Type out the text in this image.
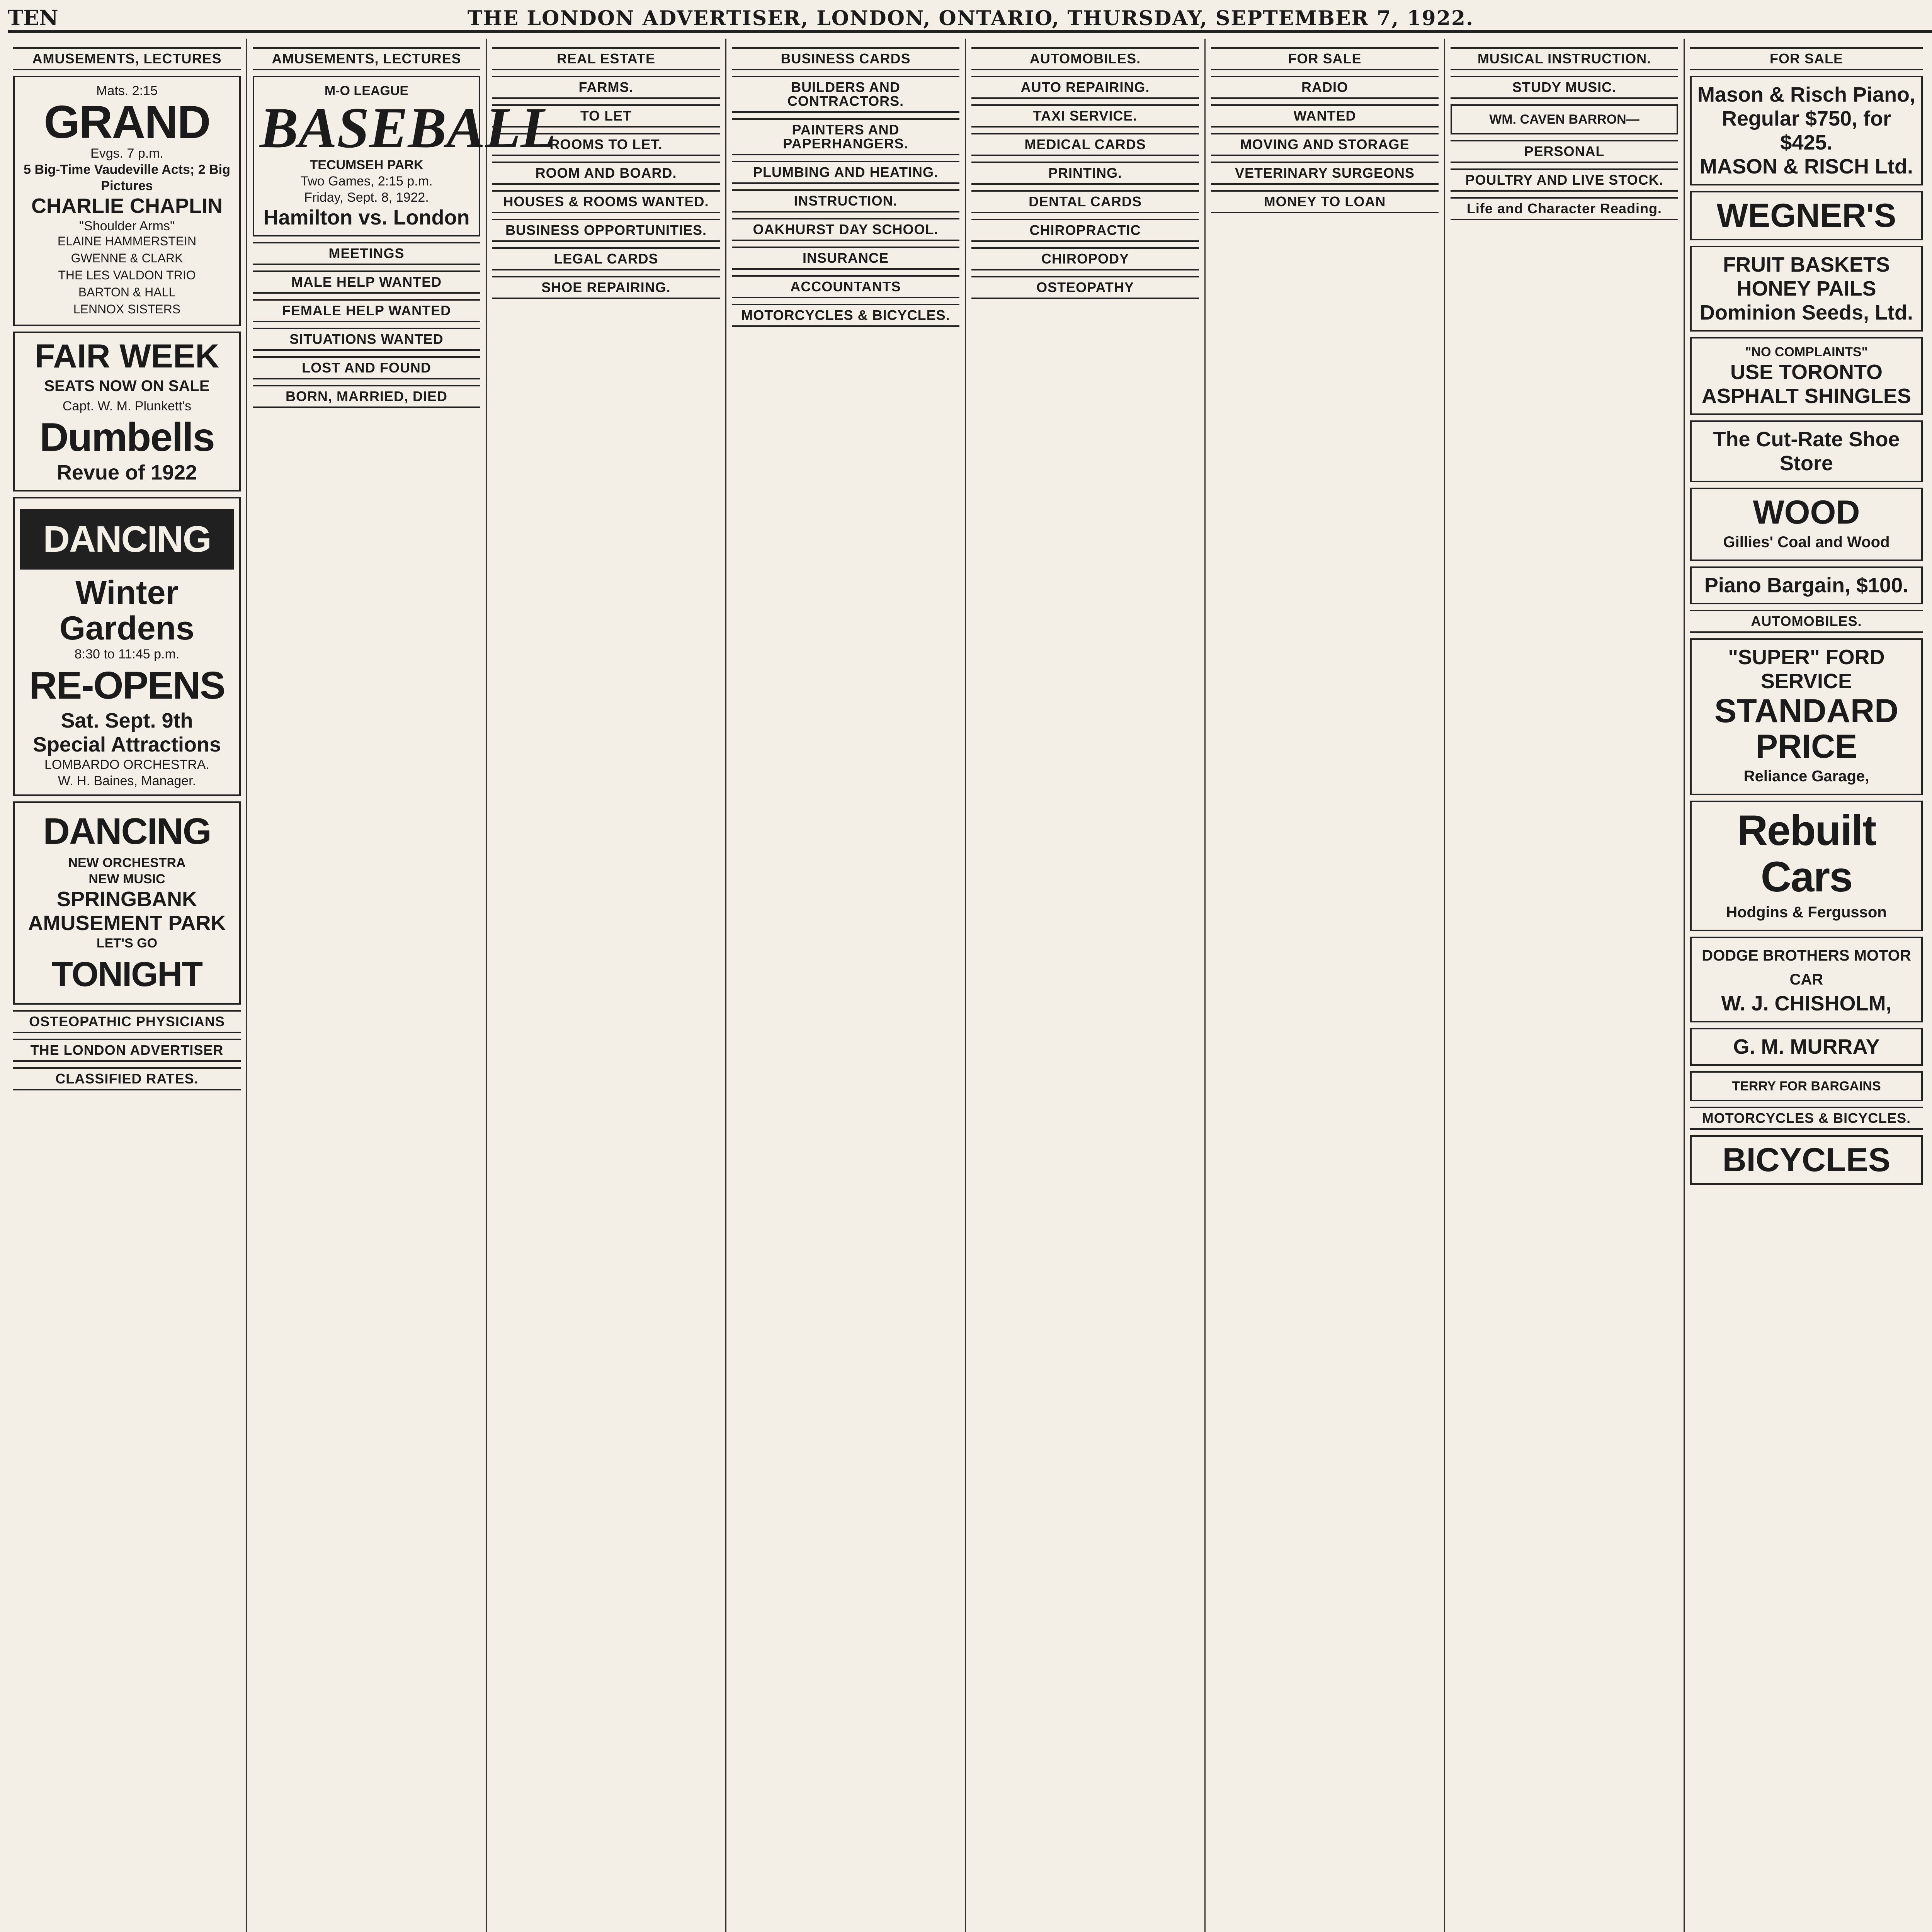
TEN	THE LONDON ADVERTISER, LONDON, ONTARIO, THURSDAY, SEPTEMBER 7, 1922.
AMUSEMENTS, LECTURES
Mats. 2:15
GRAND
Evgs. 7 p.m.
5 Big-Time Vaudeville Acts; 2 Big Pictures
CHARLIE CHAPLIN
"Shoulder Arms"

ELAINE HAMMERSTEIN

GWENNE & CLARK

THE LES VALDON TRIO

BARTON & HALL

LENNOX SISTERS

FAIR WEEK
SEATS NOW ON SALE
Capt. W. M. Plunkett's
Dumbells
Revue of 1922
DANCING
Winter Gardens
8:30 to 11:45 p.m.
RE-OPENS
Sat. Sept. 9th
Special Attractions
LOMBARDO ORCHESTRA.
W. H. Baines, Manager.
DANCING
NEW ORCHESTRA
NEW MUSIC
SPRINGBANK AMUSEMENT PARK
LET'S GO
TONIGHT
OSTEOPATHIC PHYSICIANS
THE LONDON ADVERTISER
CLASSIFIED RATES.
AMUSEMENTS, LECTURES
M-O LEAGUE
BASEBALL
TECUMSEH PARK
Two Games, 2:15 p.m.
Friday, Sept. 8, 1922.
Hamilton vs. London
MEETINGS
MALE HELP WANTED
FEMALE HELP WANTED
SITUATIONS WANTED
LOST AND FOUND
BORN, MARRIED, DIED
REAL ESTATE
FARMS.
TO LET
ROOMS TO LET.
ROOM AND BOARD.
HOUSES & ROOMS WANTED.
BUSINESS OPPORTUNITIES.
LEGAL CARDS
SHOE REPAIRING.
BUSINESS CARDS
BUILDERS AND CONTRACTORS.
PAINTERS AND PAPERHANGERS.
PLUMBING AND HEATING.
INSTRUCTION.
OAKHURST DAY SCHOOL.
INSURANCE
ACCOUNTANTS
MOTORCYCLES & BICYCLES.
AUTOMOBILES.
AUTO REPAIRING.
TAXI SERVICE.
MEDICAL CARDS
PRINTING.
DENTAL CARDS
CHIROPRACTIC
CHIROPODY
OSTEOPATHY
FOR SALE
RADIO
WANTED
MOVING AND STORAGE
VETERINARY SURGEONS
MONEY TO LOAN
MUSICAL INSTRUCTION.
STUDY MUSIC.
WM. CAVEN BARRON—
PERSONAL
POULTRY AND LIVE STOCK.
Life and Character Reading.
FOR SALE
Mason & Risch Piano, Regular $750, for $425.
MASON & RISCH Ltd.
WEGNER'S
FRUIT BASKETS HONEY PAILS
Dominion Seeds, Ltd.
"NO COMPLAINTS"
USE TORONTO ASPHALT SHINGLES
The Cut-Rate Shoe Store
WOOD
Gillies' Coal and Wood
Piano Bargain, $100.
AUTOMOBILES.
"SUPER" FORD SERVICE
STANDARD
PRICE
Reliance Garage,
Rebuilt Cars
Hodgins & Fergusson
DODGE BROTHERS MOTOR CAR
W. J. CHISHOLM,
G. M. MURRAY
TERRY FOR BARGAINS
MOTORCYCLES & BICYCLES.
BICYCLES
